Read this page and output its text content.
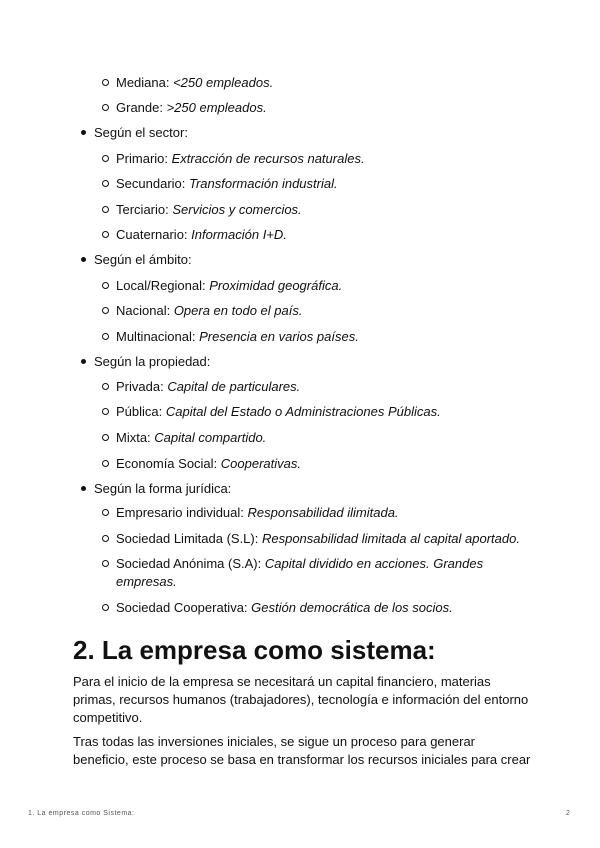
Mediana: <250 empleados.
Grande: >250 empleados.
Según el sector:
Primario: Extracción de recursos naturales.
Secundario: Transformación industrial.
Terciario: Servicios y comercios.
Cuaternario: Información I+D.
Según el ámbito:
Local/Regional: Proximidad geográfica.
Nacional: Opera en todo el país.
Multinacional: Presencia en varios países.
Según la propiedad:
Privada: Capital de particulares.
Pública: Capital del Estado o Administraciones Públicas.
Mixta: Capital compartido.
Economía Social: Cooperativas.
Según la forma jurídica:
Empresario individual: Responsabilidad ilimitada.
Sociedad Limitada (S.L): Responsabilidad limitada al capital aportado.
Sociedad Anónima (S.A): Capital dividido en acciones. Grandes empresas.
Sociedad Cooperativa: Gestión democrática de los socios.
2. La empresa como sistema:

Para el inicio de la empresa se necesitará un capital financiero, materias primas, recursos humanos (trabajadores), tecnología e información del entorno competitivo.

Tras todas las inversiones iniciales, se sigue un proceso para generar beneficio, este proceso se basa en transformar los recursos iniciales para crear

1. La empresa como Sistema:	2
